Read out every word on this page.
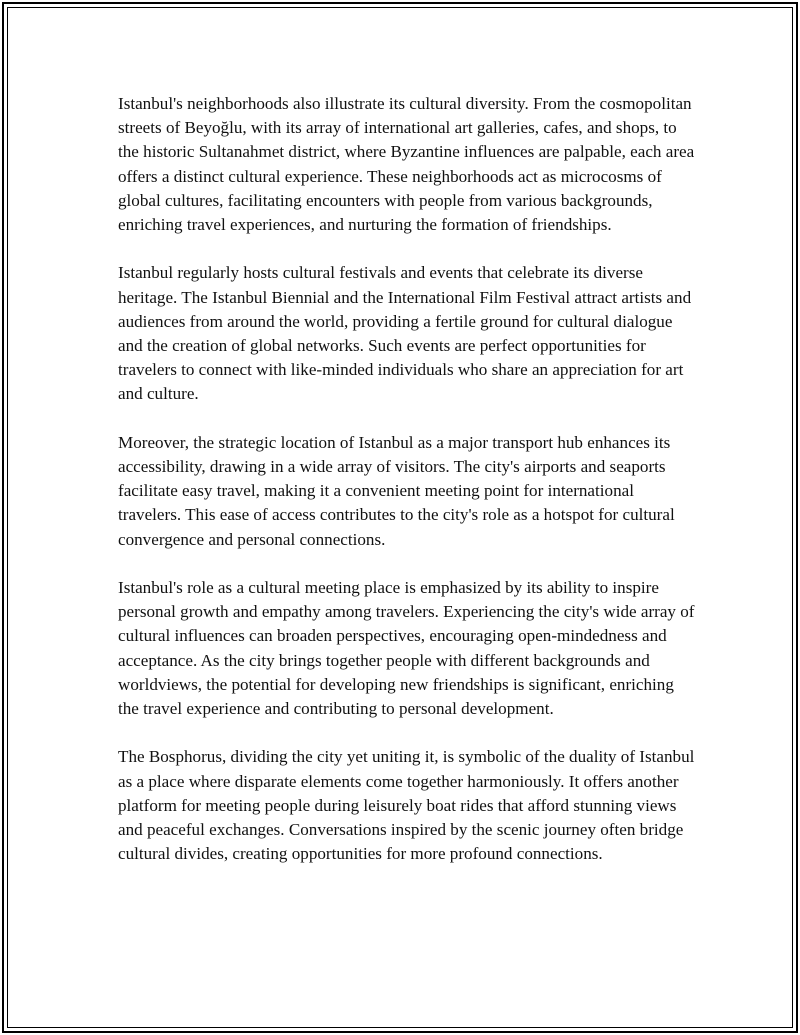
Istanbul's neighborhoods also illustrate its cultural diversity. From the cosmopolitan streets of Beyoğlu, with its array of international art galleries, cafes, and shops, to the historic Sultanahmet district, where Byzantine influences are palpable, each area offers a distinct cultural experience. These neighborhoods act as microcosms of global cultures, facilitating encounters with people from various backgrounds, enriching travel experiences, and nurturing the formation of friendships.

Istanbul regularly hosts cultural festivals and events that celebrate its diverse heritage. The Istanbul Biennial and the International Film Festival attract artists and audiences from around the world, providing a fertile ground for cultural dialogue and the creation of global networks. Such events are perfect opportunities for travelers to connect with like-minded individuals who share an appreciation for art and culture.

Moreover, the strategic location of Istanbul as a major transport hub enhances its accessibility, drawing in a wide array of visitors. The city's airports and seaports facilitate easy travel, making it a convenient meeting point for international travelers. This ease of access contributes to the city's role as a hotspot for cultural convergence and personal connections.

Istanbul's role as a cultural meeting place is emphasized by its ability to inspire personal growth and empathy among travelers. Experiencing the city's wide array of cultural influences can broaden perspectives, encouraging open-mindedness and acceptance. As the city brings together people with different backgrounds and worldviews, the potential for developing new friendships is significant, enriching the travel experience and contributing to personal development.

The Bosphorus, dividing the city yet uniting it, is symbolic of the duality of Istanbul as a place where disparate elements come together harmoniously. It offers another platform for meeting people during leisurely boat rides that afford stunning views and peaceful exchanges. Conversations inspired by the scenic journey often bridge cultural divides, creating opportunities for more profound connections.
